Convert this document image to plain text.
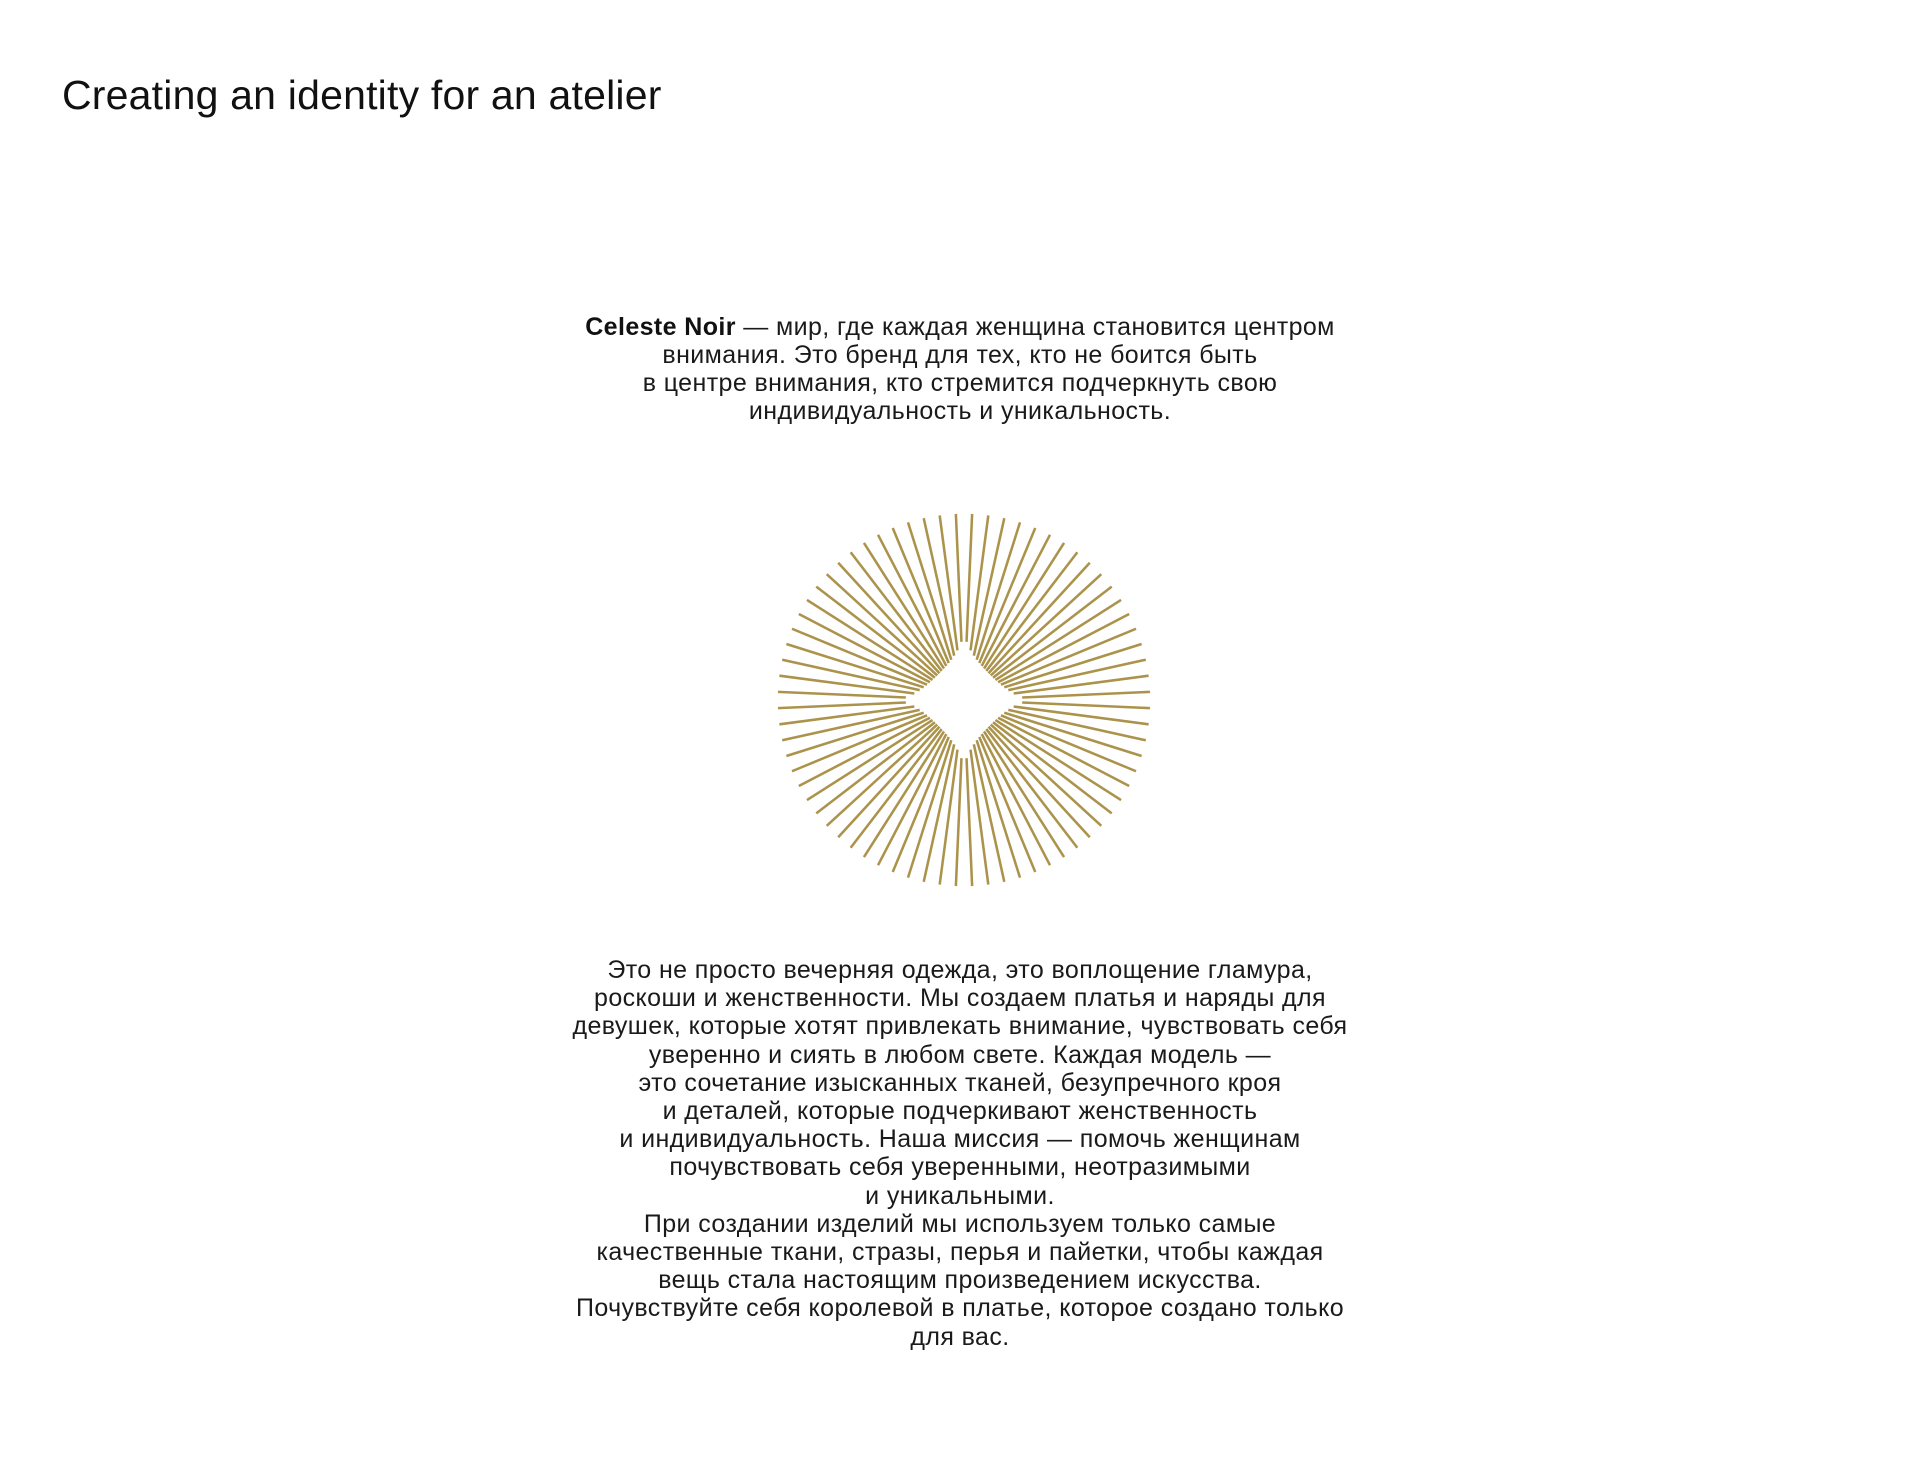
Creating an identity for an atelier
Celeste Noir — мир, где каждая женщина становится центром
внимания. Это бренд для тех, кто не боится быть
в центре внимания, кто стремится подчеркнуть свою
индивидуальность и уникальность.
Это не просто вечерняя одежда, это воплощение гламура,
роскоши и женственности. Мы создаем платья и наряды для
девушек, которые хотят привлекать внимание, чувствовать себя
уверенно и сиять в любом свете. Каждая модель —
это сочетание изысканных тканей, безупречного кроя
и деталей, которые подчеркивают женственность
и индивидуальность. Наша миссия — помочь женщинам
почувствовать себя уверенными, неотразимыми
и уникальными.
При создании изделий мы используем только самые
качественные ткани, стразы, перья и пайетки, чтобы каждая
вещь стала настоящим произведением искусства.
Почувствуйте себя королевой в платье, которое создано только
для вас.
